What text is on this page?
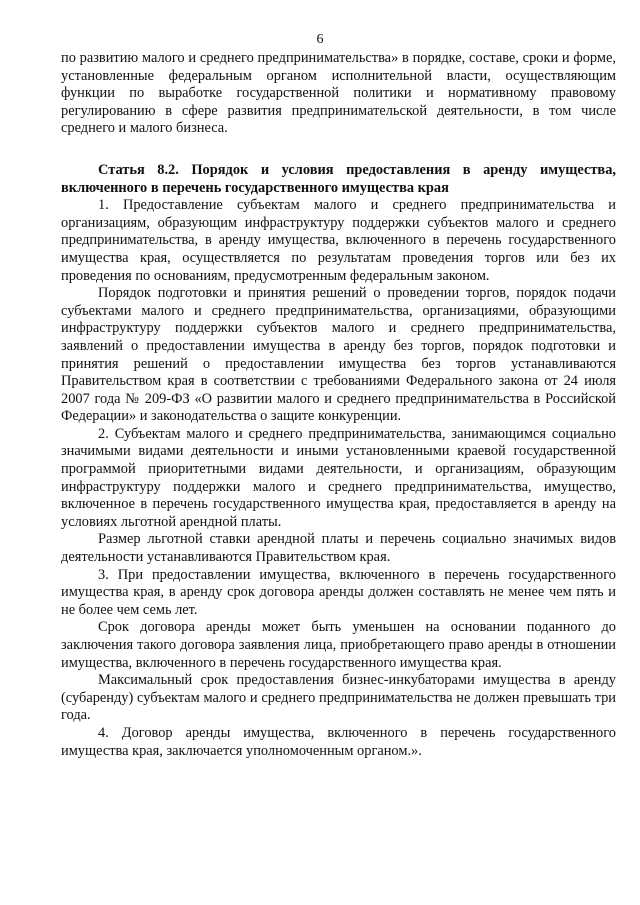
6

по развитию малого и среднего предпринимательства» в порядке, составе, сроки и форме, установленные федеральным органом исполнительной власти, осуществляющим функции по выработке государственной политики и нормативному правовому регулированию в сфере развития предпринимательской деятельности, в том числе среднего и малого бизнеса.

Статья 8.2. Порядок и условия предоставления в аренду имущества, включенного в перечень государственного имущества края

1. Предоставление субъектам малого и среднего предпринимательства и организациям, образующим инфраструктуру поддержки субъектов малого и среднего предпринимательства, в аренду имущества, включенного в перечень государственного имущества края, осуществляется по результатам проведения торгов или без их проведения по основаниям, предусмотренным федеральным законом.

Порядок подготовки и принятия решений о проведении торгов, порядок подачи субъектами малого и среднего предпринимательства, организациями, образующими инфраструктуру поддержки субъектов малого и среднего предпринимательства, заявлений о предоставлении имущества в аренду без торгов, порядок подготовки и принятия решений о предоставлении имущества без торгов устанавливаются Правительством края в соответствии с требованиями Федерального закона от 24 июля 2007 года № 209-ФЗ «О развитии малого и среднего предпринимательства в Российской Федерации» и законодательства о защите конкуренции.

2. Субъектам малого и среднего предпринимательства, занимающимся социально значимыми видами деятельности и иными установленными краевой государственной программой приоритетными видами деятельности, и организациям, образующим инфраструктуру поддержки малого и среднего предпринимательства, имущество, включенное в перечень государственного имущества края, предоставляется в аренду на условиях льготной арендной платы.

Размер льготной ставки арендной платы и перечень социально значимых видов деятельности устанавливаются Правительством края.

3. При предоставлении имущества, включенного в перечень государственного имущества края, в аренду срок договора аренды должен составлять не менее чем пять и не более чем семь лет.

Срок договора аренды может быть уменьшен на основании поданного до заключения такого договора заявления лица, приобретающего право аренды в отношении имущества, включенного в перечень государственного имущества края.

Максимальный срок предоставления бизнес-инкубаторами имущества в аренду (субаренду) субъектам малого и среднего предпринимательства не должен превышать три года.

4. Договор аренды имущества, включенного в перечень государственного имущества края, заключается уполномоченным органом.».
